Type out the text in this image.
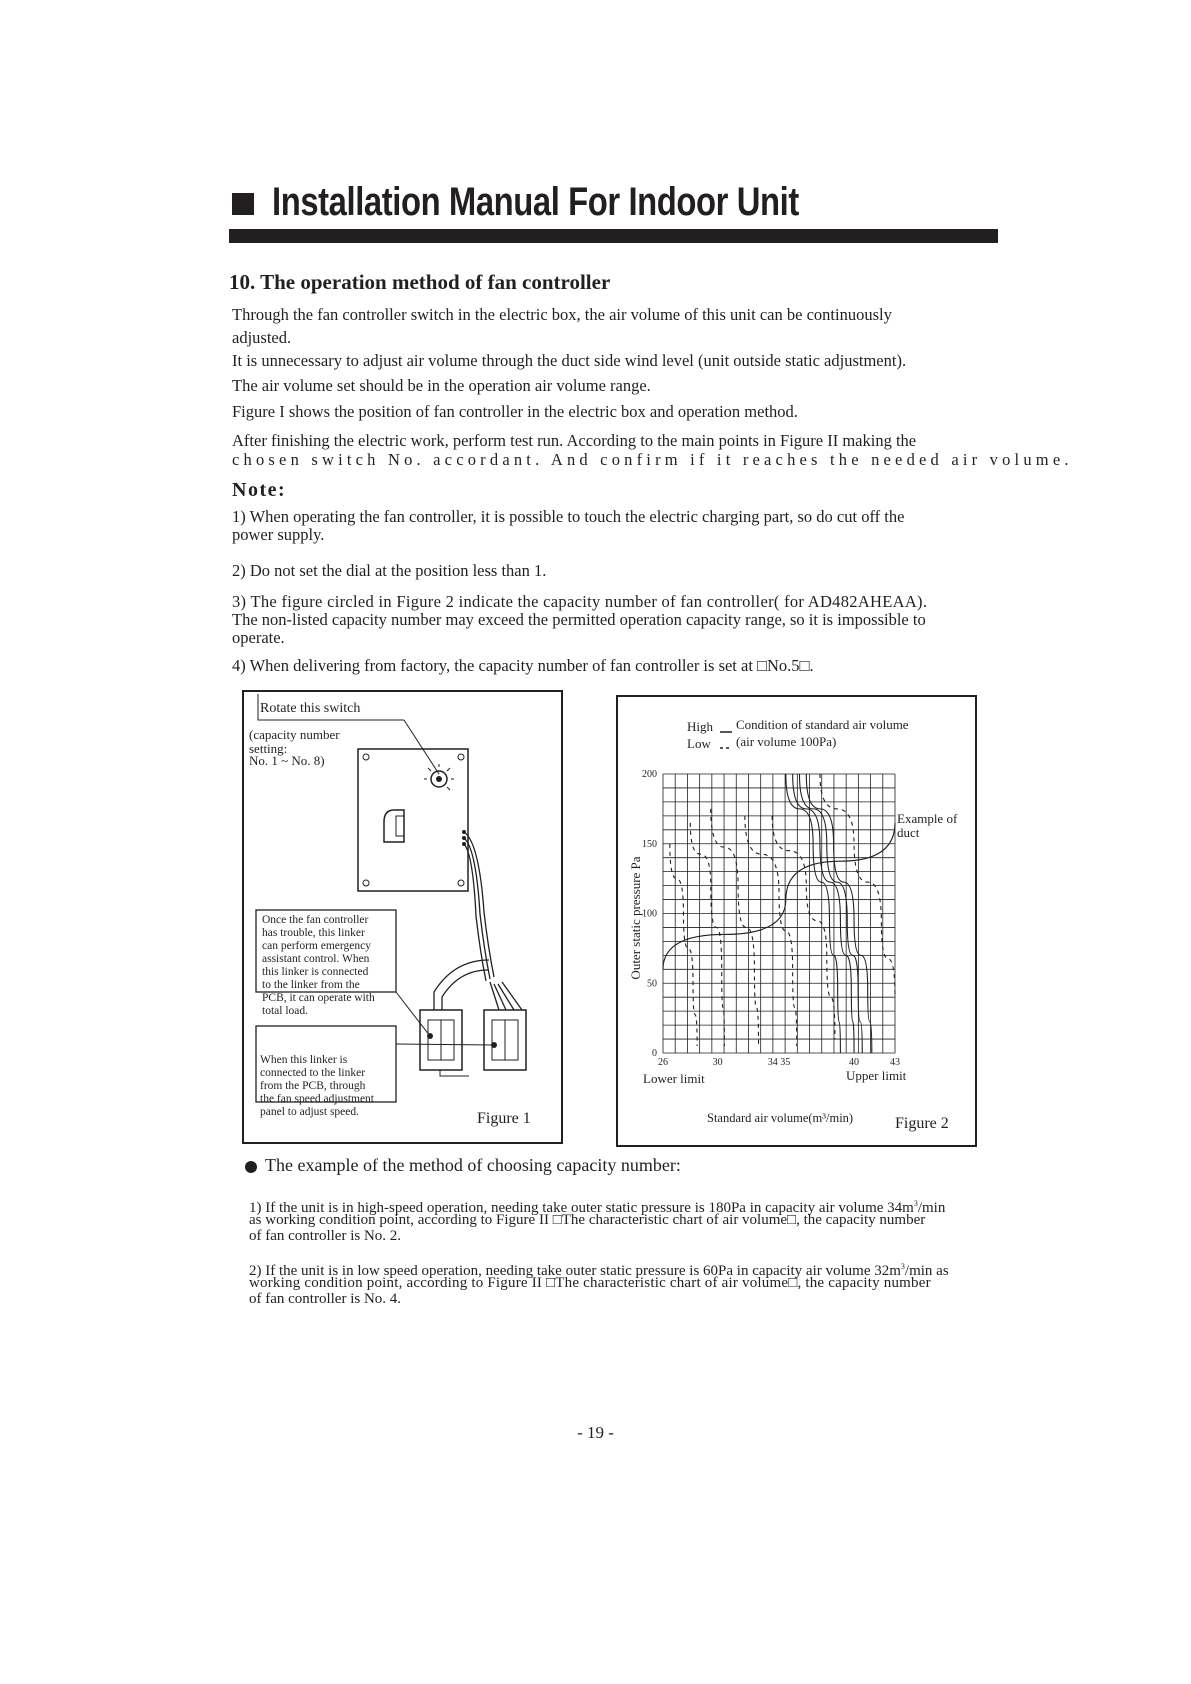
Installation Manual For Indoor Unit
10. The operation method of fan controller
Through the fan controller switch in the electric box, the air volume of this unit can be continuously
adjusted.
It is unnecessary to adjust air volume through the duct side wind level (unit outside static adjustment).
The air volume set should be in the operation air volume range.
Figure I shows the position of fan controller in the electric box and operation method.
After finishing the electric work, perform test run. According to the main points in Figure II making the
chosen switch No. accordant. And confirm if it reaches the needed air volume.
Note:
1) When operating the fan controller, it is possible to touch the electric charging part, so do cut off the
power supply.
2) Do not set the dial at the position less than 1.
3) The figure circled in Figure 2 indicate the capacity number of fan controller( for AD482AHEAA).
The non-listed capacity number may exceed the permitted operation capacity range, so it is impossible to
operate.
4) When delivering from factory, the capacity number of fan controller is set at □No.5□.
Rotate this switch
(capacity number
setting:
No. 1 ~ No. 8)
Once the fan controller
has trouble, this linker
can perform emergency
assistant control. When
this linker is connected
to the linker from the
PCB, it can operate with
total load.
When this linker is
connected to the linker
from the PCB, through
the fan speed adjustment
panel to adjust speed.	Figure 1
0
50
100
150
200
26	30	34 35	40	43
High
Low
Condition of standard air volume
(air volume 100Pa)
Example of
duct
Outer static pressure Pa
Lower limit	Upper limit
Standard air volume(m³/min)	Figure 2
The example of the method of choosing capacity number:
1) If the unit is in high-speed operation, needing take outer static pressure is 180Pa in capacity air volume $34m^3/\min$
as working condition point, according to Figure II □The characteristic chart of air volume□, the capacity number
of fan controller is No. 2.
2) If the unit is in low speed operation, needing take outer static pressure is 60Pa in capacity air volume $32m^3/\min$ as
working condition point, according to Figure II □The characteristic chart of air volume□, the capacity number
of fan controller is No. 4.
- 19 -
